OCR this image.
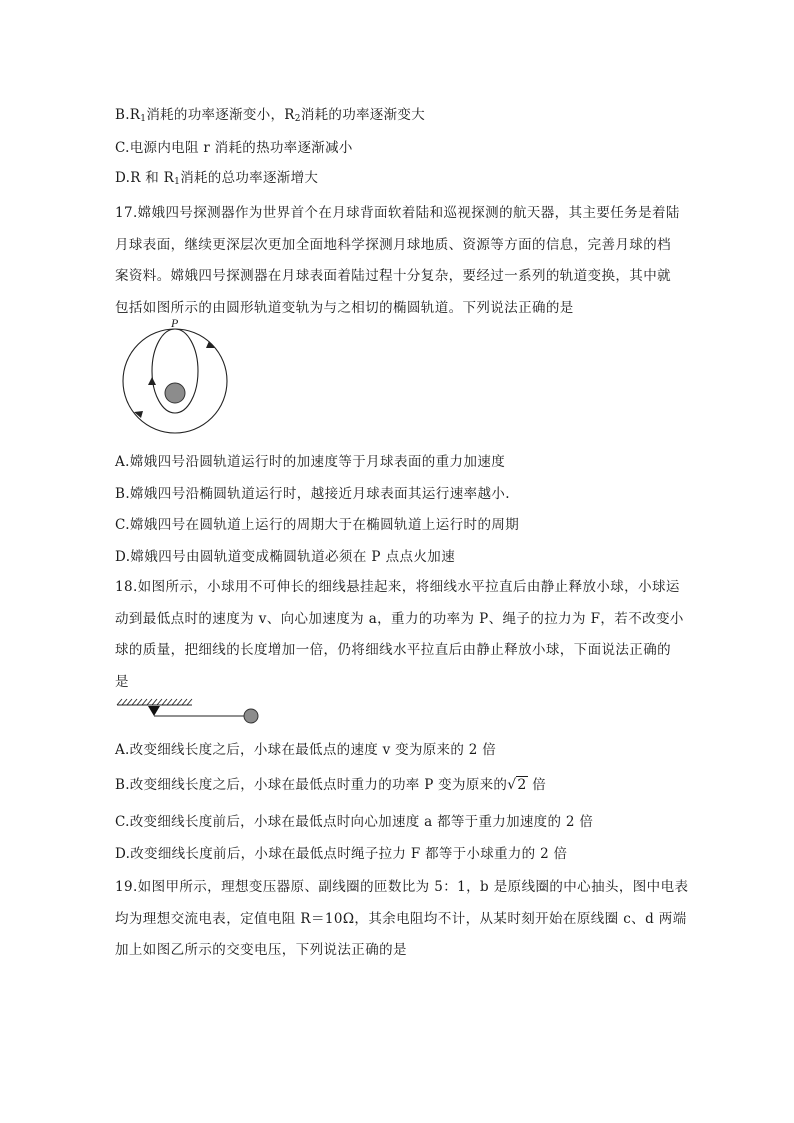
$B.R_1$消耗的功率逐渐变小，$R_2$消耗的功率逐渐变大
C.电源内电阻 r 消耗的热功率逐渐减小
D.R 和 $R_1$消耗的总功率逐渐增大
17.嫦娥四号探测器作为世界首个在月球背面软着陆和巡视探测的航天器，其主要任务是着陆
月球表面，继续更深层次更加全面地科学探测月球地质、资源等方面的信息，完善月球的档
案资料。嫦娥四号探测器在月球表面着陆过程十分复杂，要经过一系列的轨道变换，其中就
包括如图所示的由圆形轨道变轨为与之相切的椭圆轨道。下列说法正确的是
P
A.嫦娥四号沿圆轨道运行时的加速度等于月球表面的重力加速度
B.嫦娥四号沿椭圆轨道运行时，越接近月球表面其运行速率越小.
C.嫦娥四号在圆轨道上运行的周期大于在椭圆轨道上运行时的周期
D.嫦娥四号由圆轨道变成椭圆轨道必须在 P 点点火加速
18.如图所示，小球用不可伸长的细线悬挂起来，将细线水平拉直后由静止释放小球，小球运
动到最低点时的速度为 v、向心加速度为 a，重力的功率为 P、绳子的拉力为 F，若不改变小
球的质量，把细线的长度增加一倍，仍将细线水平拉直后由静止释放小球，下面说法正确的
是
A.改变细线长度之后，小球在最低点的速度 v 变为原来的 2 倍
B.改变细线长度之后，小球在最低点时重力的功率 P 变为原来的√2 倍
C.改变细线长度前后，小球在最低点时向心加速度 a 都等于重力加速度的 2 倍
D.改变细线长度前后，小球在最低点时绳子拉力 F 都等于小球重力的 2 倍
19.如图甲所示，理想变压器原、副线圈的匝数比为 5：1，b 是原线圈的中心抽头，图中电表
均为理想交流电表，定值电阻 R＝10Ω，其余电阻均不计，从某时刻开始在原线圈 c、d 两端
加上如图乙所示的交变电压，下列说法正确的是
